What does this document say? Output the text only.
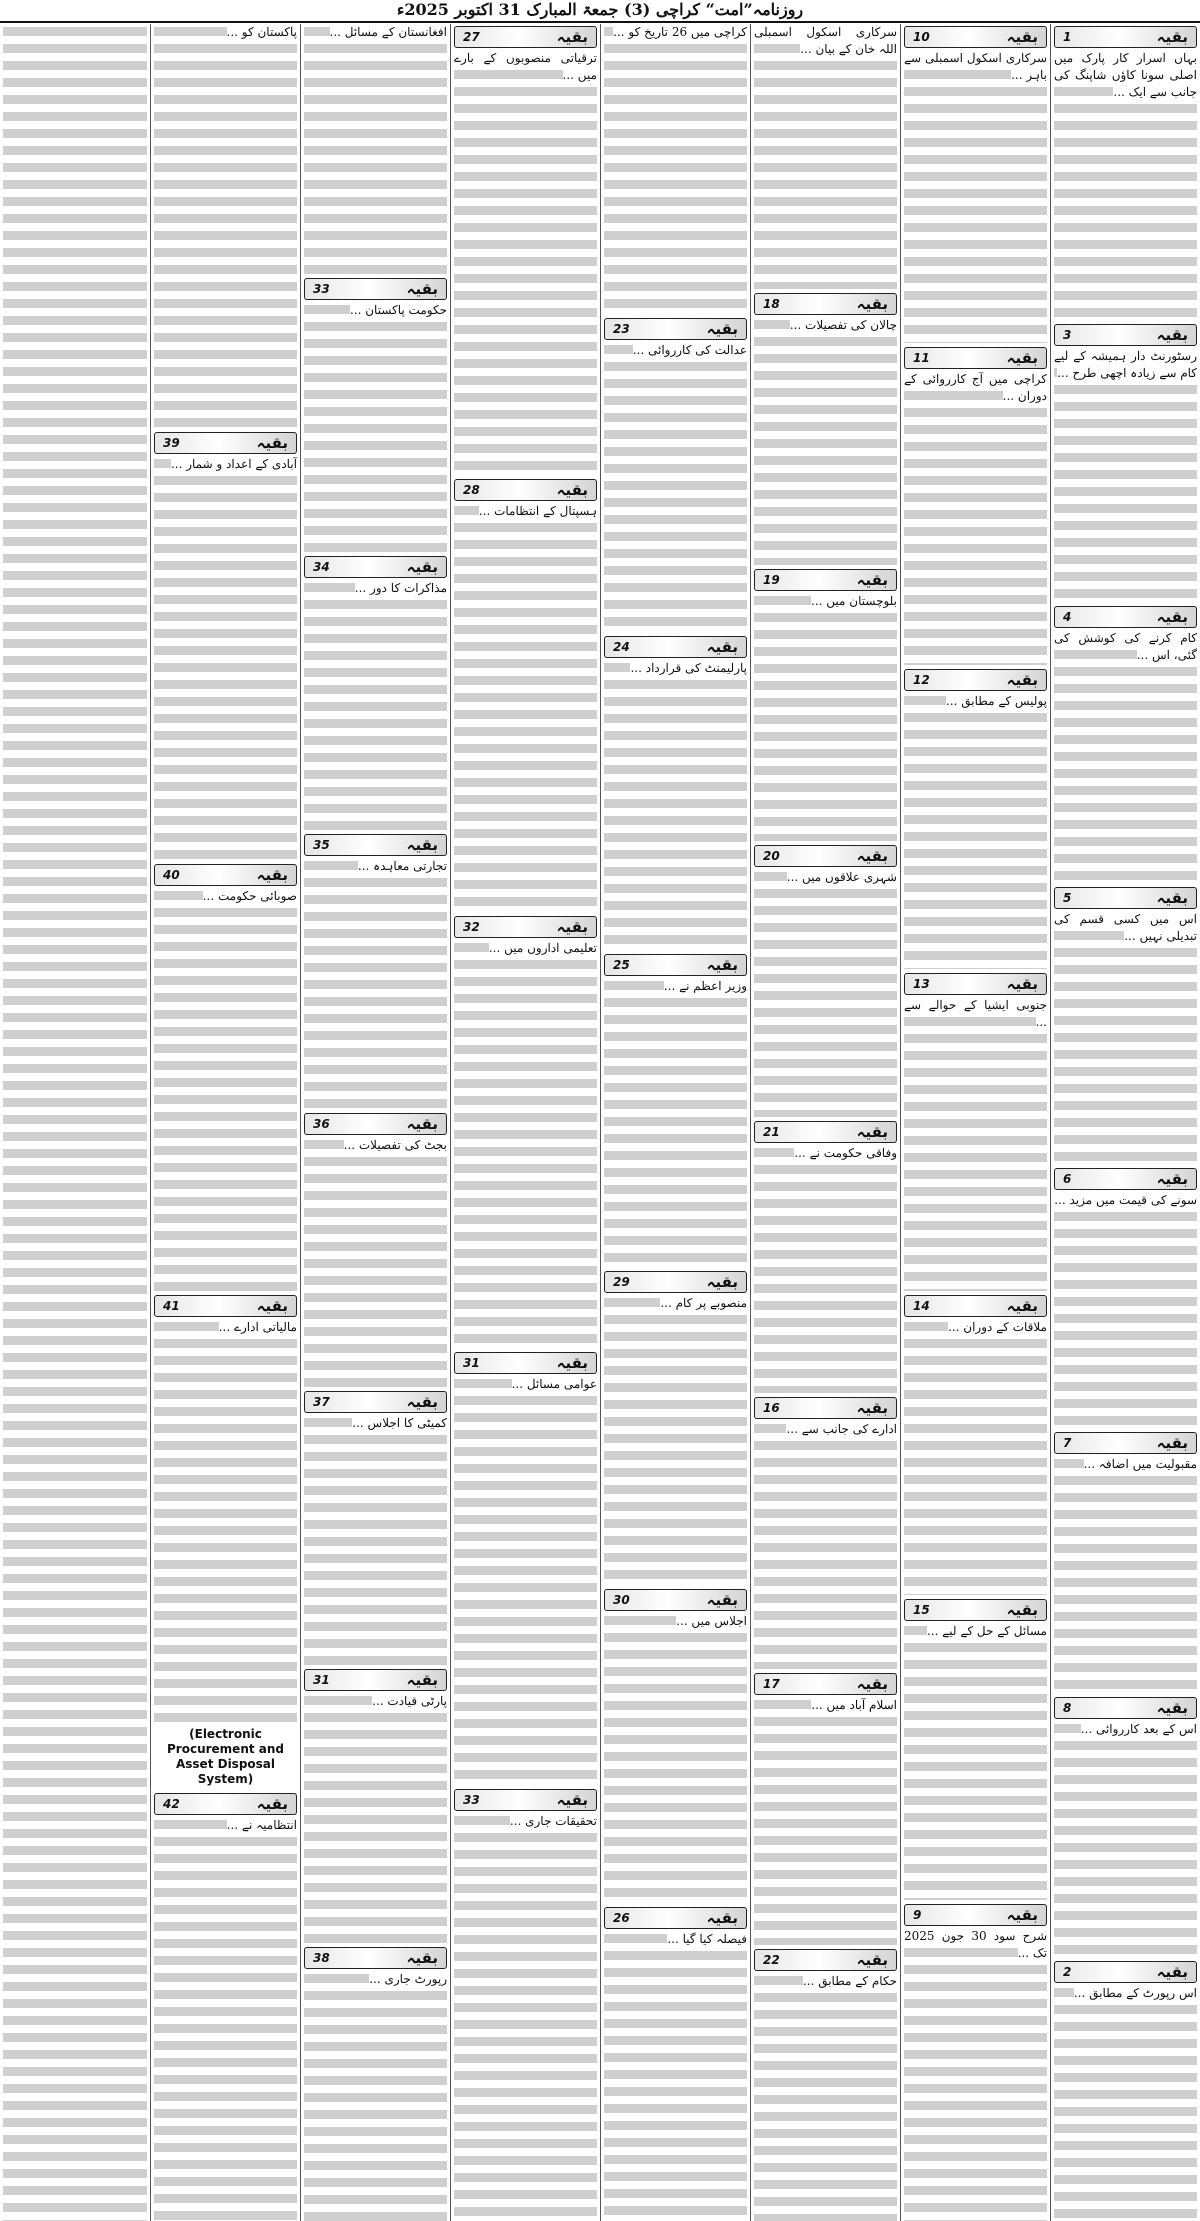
روزنامہ”امت“ کراچی (3) جمعۃ المبارک 31 اکتوبر 2025ء
بقیہ
1
بہاں اسرار کار پارک میں اصلی سونا کاؤں شاپنگ کی جانب سے ایک ...
بقیہ
3
رسٹورنٹ دار ہمیشہ کے لیے کام سے زیادہ اچھی طرح ...
بقیہ
4
کام کرنے کی کوشش کی گئی، اس ...
بقیہ
5
اس میں کسی قسم کی تبدیلی نہیں ...
بقیہ
6
سونے کی قیمت میں مزید ...
بقیہ
7
مقبولیت میں اضافہ ...
بقیہ
8
اس کے بعد کارروائی ...
بقیہ
2
اس رپورٹ کے مطابق ...
بقیہ
10
سرکاری اسکول اسمبلی سے باہر ...
بقیہ
11
کراچی میں آج کارروائی کے دوران ...
بقیہ
12
پولیس کے مطابق ...
بقیہ
13
جنوبی ایشیا کے حوالے سے ...
بقیہ
14
ملاقات کے دوران ...
بقیہ
15
مسائل کے حل کے لیے ...
بقیہ
9
شرح سود 30 جون 2025 تک ...
سرکاری اسکول اسمبلی اللہ خان کے بیان ...
بقیہ
18
چالان کی تفصیلات ...
بقیہ
19
بلوچستان میں ...
بقیہ
20
شہری علاقوں میں ...
بقیہ
21
وفاقی حکومت نے ...
بقیہ
16
ادارے کی جانب سے ...
بقیہ
17
اسلام آباد میں ...
بقیہ
22
حکام کے مطابق ...
کراچی میں 26 تاریخ کو ...
بقیہ
23
عدالت کی کارروائی ...
بقیہ
24
پارلیمنٹ کی قرارداد ...
بقیہ
25
وزیر اعظم نے ...
بقیہ
29
منصوبے پر کام ...
بقیہ
30
اجلاس میں ...
بقیہ
26
فیصلہ کیا گیا ...
بقیہ
27
ترقیاتی منصوبوں کے بارے میں ...
بقیہ
28
ہسپتال کے انتظامات ...
بقیہ
32
تعلیمی اداروں میں ...
بقیہ
31
عوامی مسائل ...
بقیہ
33
تحقیقات جاری ...
افغانستان کے مسائل ...
بقیہ
33
حکومت پاکستان ...
بقیہ
34
مذاکرات کا دور ...
بقیہ
35
تجارتی معاہدہ ...
بقیہ
36
بجٹ کی تفصیلات ...
بقیہ
37
کمیٹی کا اجلاس ...
بقیہ
31
پارٹی قیادت ...
بقیہ
38
رپورٹ جاری ...
پاکستان کو ...
بقیہ
39
آبادی کے اعداد و شمار ...
بقیہ
40
صوبائی حکومت ...
بقیہ
41
مالیاتی ادارے ...
(Electronic Procurement and Asset Disposal System)
بقیہ
42
انتظامیہ نے ...
